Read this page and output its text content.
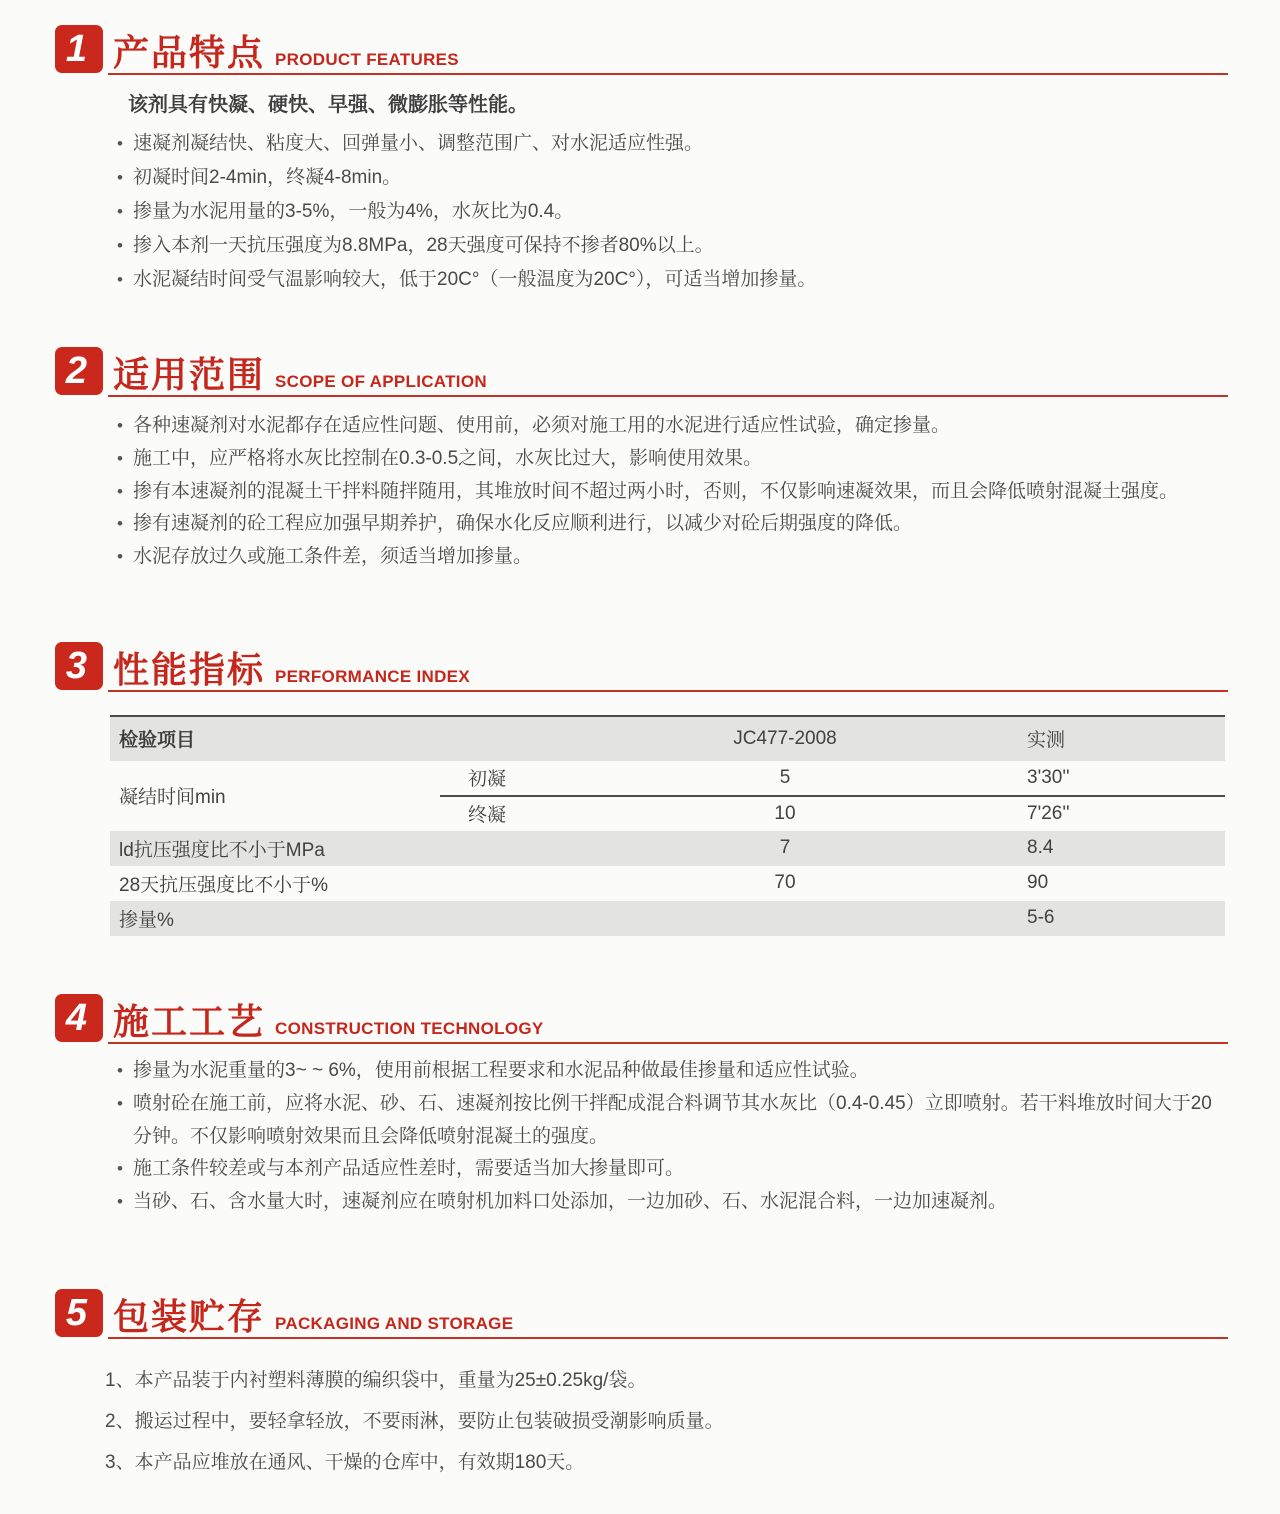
1 产品特点 PRODUCT FEATURES

该剂具有快凝、硬快、早强、微膨胀等性能。

• 速凝剂凝结快、粘度大、回弹量小、调整范围广、对水泥适应性强。
• 初凝时间2-4min，终凝4-8min。
• 掺量为水泥用量的3-5%，一般为4%，水灰比为0.4。
• 掺入本剂一天抗压强度为8.8MPa，28天强度可保持不掺者80%以上。
• 水泥凝结时间受气温影响较大，低于20C°（一般温度为20C°），可适当增加掺量。
2 适用范围 SCOPE OF APPLICATION
• 各种速凝剂对水泥都存在适应性问题、使用前，必须对施工用的水泥进行适应性试验，确定掺量。
• 施工中，应严格将水灰比控制在0.3-0.5之间，水灰比过大，影响使用效果。
• 掺有本速凝剂的混凝土干拌料随拌随用，其堆放时间不超过两小时，否则，不仅影响速凝效果，而且会降低喷射混凝土强度。
• 掺有速凝剂的砼工程应加强早期养护，确保水化反应顺利进行，以减少对砼后期强度的降低。
• 水泥存放过久或施工条件差，须适当增加掺量。
3 性能指标 PERFORMANCE INDEX
检验项目		JC477-2008	实测
凝结时间min	初凝	5	3'30''
	终凝	10	7'26''
ld抗压强度比不小于MPa		7	8.4
28天抗压强度比不小于%		70	90
掺量%			5-6
4 施工工艺 CONSTRUCTION TECHNOLOGY
• 掺量为水泥重量的3~ ~ 6%，使用前根据工程要求和水泥品种做最佳掺量和适应性试验。
• 喷射砼在施工前，应将水泥、砂、石、速凝剂按比例干拌配成混合料调节其水灰比（0.4-0.45）立即喷射。若干料堆放时间大于20分钟。不仅影响喷射效果而且会降低喷射混凝土的强度。
• 施工条件较差或与本剂产品适应性差时，需要适当加大掺量即可。
• 当砂、石、含水量大时，速凝剂应在喷射机加料口处添加，一边加砂、石、水泥混合料，一边加速凝剂。
5 包装贮存 PACKAGING AND STORAGE
1、本产品装于内衬塑料薄膜的编织袋中，重量为25±0.25kg/袋。
2、搬运过程中，要轻拿轻放，不要雨淋，要防止包装破损受潮影响质量。
3、本产品应堆放在通风、干燥的仓库中，有效期180天。
